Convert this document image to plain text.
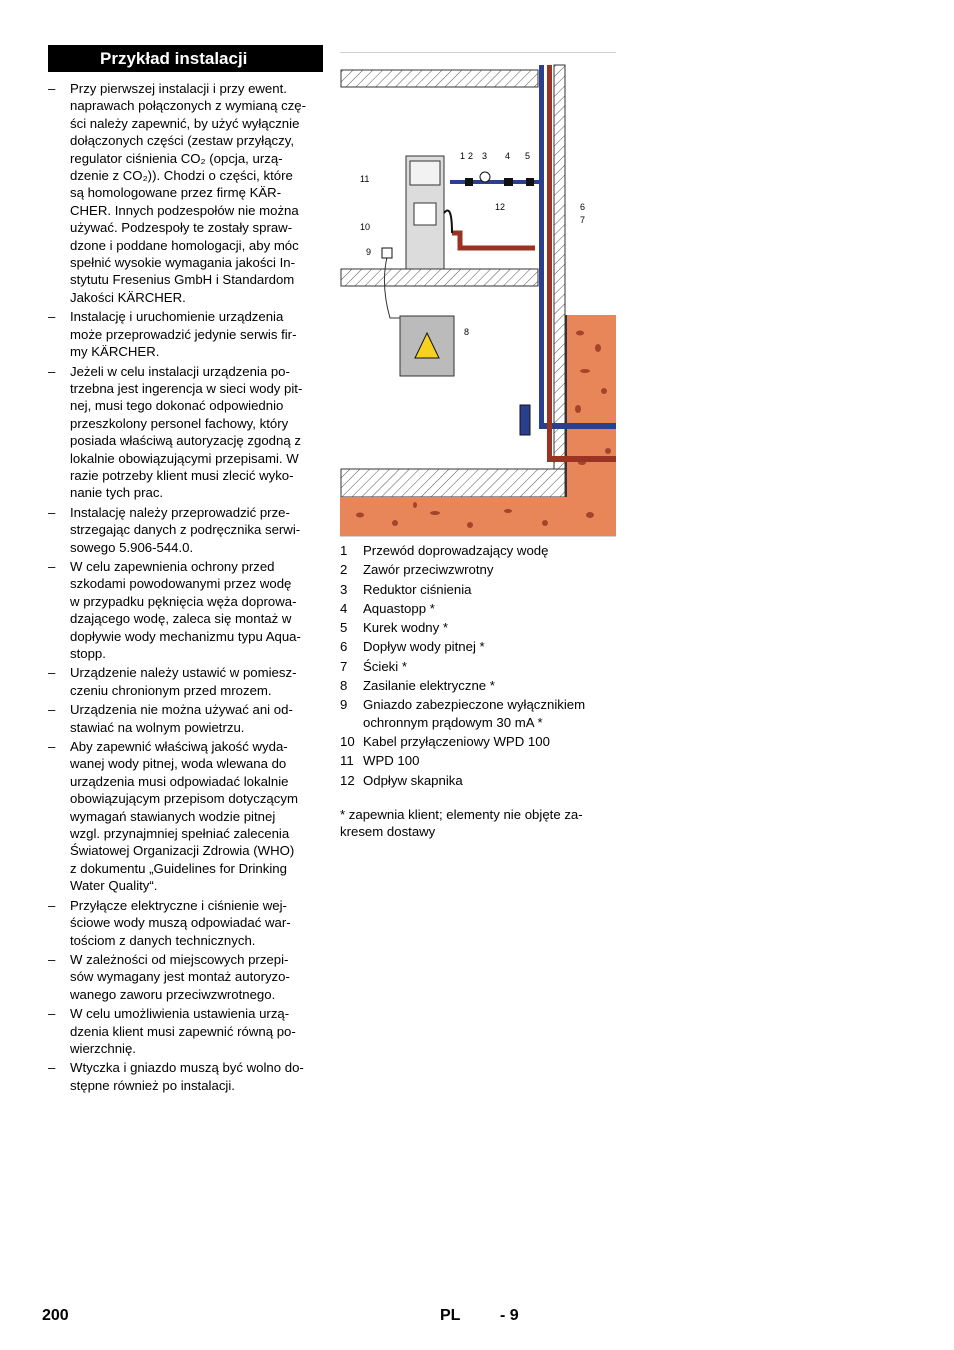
Przykład instalacji
– Przy pierwszej instalacji i przy ewent.
naprawach połączonych z wymianą czę-
ści należy zapewnić, by użyć wyłącznie
dołączonych części (zestaw przyłączy,
regulator ciśnienia CO₂ (opcja, urzą-
dzenie z CO₂)). Chodzi o części, które
są homologowane przez firmę KÄR-
CHER. Innych podzespołów nie można
używać. Podzespoły te zostały spraw-
dzone i poddane homologacji, aby móc
spełnić wysokie wymagania jakości In-
stytutu Fresenius GmbH i Standardom
Jakości KÄRCHER.
– Instalację i uruchomienie urządzenia
może przeprowadzić jedynie serwis fir-
my KÄRCHER.
– Jeżeli w celu instalacji urządzenia po-
trzebna jest ingerencja w sieci wody pit-
nej, musi tego dokonać odpowiednio
przeszkolony personel fachowy, który
posiada właściwą autoryzację zgodną z
lokalnie obowiązującymi przepisami. W
razie potrzeby klient musi zlecić wyko-
nanie tych prac.
– Instalację należy przeprowadzić prze-
strzegając danych z podręcznika serwi-
sowego 5.906-544.0.
– W celu zapewnienia ochrony przed
szkodami powodowanymi przez wodę
w przypadku pęknięcia węża doprowa-
dzającego wodę, zaleca się montaż w
dopływie wody mechanizmu typu Aqua-
stopp.
– Urządzenie należy ustawić w pomiesz-
czeniu chronionym przed mrozem.
– Urządzenia nie można używać ani od-
stawiać na wolnym powietrzu.
– Aby zapewnić właściwą jakość wyda-
wanej wody pitnej, woda wlewana do
urządzenia musi odpowiadać lokalnie
obowiązującym przepisom dotyczącym
wymagań stawianych wodzie pitnej
wzgl. przynajmniej spełniać zalecenia
Światowej Organizacji Zdrowia (WHO)
z dokumentu „Guidelines for Drinking
Water Quality“.
– Przyłącze elektryczne i ciśnienie wej-
ściowe wody muszą odpowiadać war-
tościom z danych technicznych.
– W zależności od miejscowych przepi-
sów wymagany jest montaż autoryzo-
wanego zaworu przeciwzwrotnego.
– W celu umożliwienia ustawienia urzą-
dzenia klient musi zapewnić równą po-
wierzchnię.
– Wtyczka i gniazdo muszą być wolno do-
stępne również po instalacji.
1 2 3 4 5
6
7
8
9
10
11
12
1 Przewód doprowadzający wodę
2 Zawór przeciwzwrotny
3 Reduktor ciśnienia
4 Aquastopp *
5 Kurek wodny *
6 Dopływ wody pitnej *
7 Ścieki *
8 Zasilanie elektryczne *
9 Gniazdo zabezpieczone wyłącznikiem
ochronnym prądowym 30 mA *
10 Kabel przyłączeniowy WPD 100
11 WPD 100
12 Odpływ skapnika
* zapewnia klient; elementy nie objęte za-
kresem dostawy
200	PL - 9
